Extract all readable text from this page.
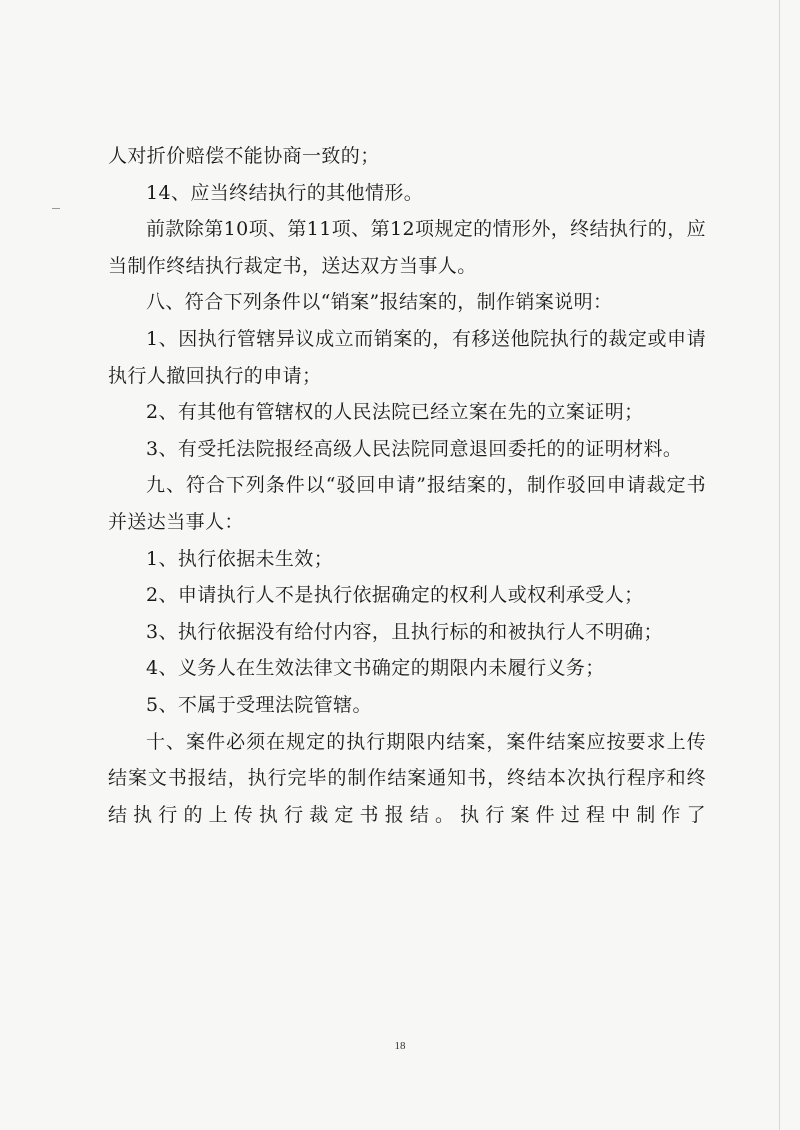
人对折价赔偿不能协商一致的；

14、应当终结执行的其他情形。

前款除第10项、第11项、第12项规定的情形外，终结执行的，应当制作终结执行裁定书，送达双方当事人。

八、符合下列条件以“销案”报结案的，制作销案说明：

1、因执行管辖异议成立而销案的，有移送他院执行的裁定或申请执行人撤回执行的申请；

2、有其他有管辖权的人民法院已经立案在先的立案证明；

3、有受托法院报经高级人民法院同意退回委托的的证明材料。

九、符合下列条件以“驳回申请”报结案的，制作驳回申请裁定书并送达当事人：

1、执行依据未生效；

2、申请执行人不是执行依据确定的权利人或权利承受人；

3、执行依据没有给付内容，且执行标的和被执行人不明确；

4、义务人在生效法律文书确定的期限内未履行义务；

5、不属于受理法院管辖。

十、案件必须在规定的执行期限内结案，案件结案应按要求上传结案文书报结，执行完毕的制作结案通知书，终结本次执行程序和终结执行的上传执行裁定书报结。执行案件过程中制作了

18
